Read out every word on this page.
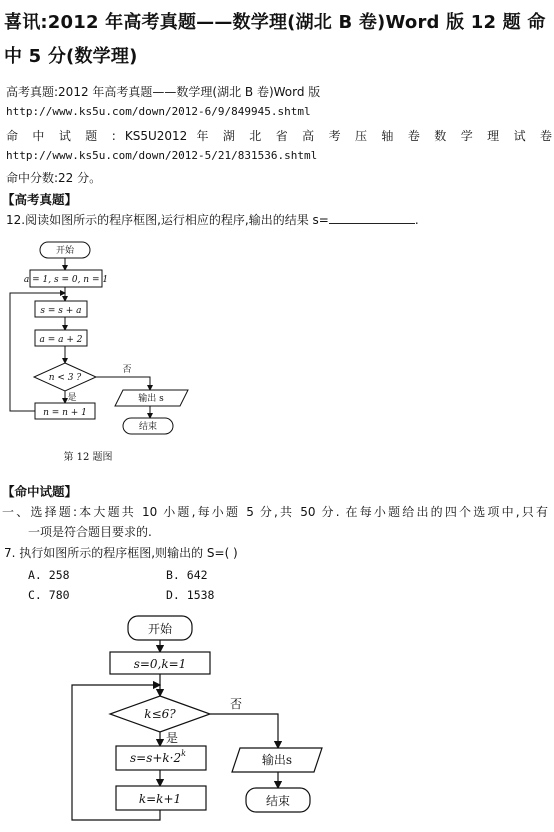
喜讯:2012 年高考真题——数学理(湖北 B 卷)Word 版 12 题 命中 5 分(数学理)
高考真题:2012 年高考真题——数学理(湖北 B 卷)Word 版
http://www.ks5u.com/down/2012-6/9/849945.shtml
命 中 试 题 : KS5U2012 年 湖 北 省 高 考 压 轴 卷 数 学 理 试 卷
http://www.ks5u.com/down/2012-5/21/831536.shtml
命中分数:22 分。
【高考真题】
12.阅读如图所示的程序框图,运行相应的程序,输出的结果 s=	.
开始
a = 1, s = 0, n = 1
s = s + a
a = a + 2
n < 3 ?
是
否
输出 s
n = n + 1
结束
第 12 题图
【命中试题】
一、选择题:本大题共 10 小题,每小题 5 分,共 50 分. 在每小题给出的四个选项中,只有
一项是符合题目要求的.
7. 执行如图所示的程序框图,则输出的 S=( )
A. 258	B. 642
C. 780	D. 1538
开始
s=0,k=1
k≤6?
是
否
$s=s+k\cdot 2^k$
k=k+1
输出s
结束
